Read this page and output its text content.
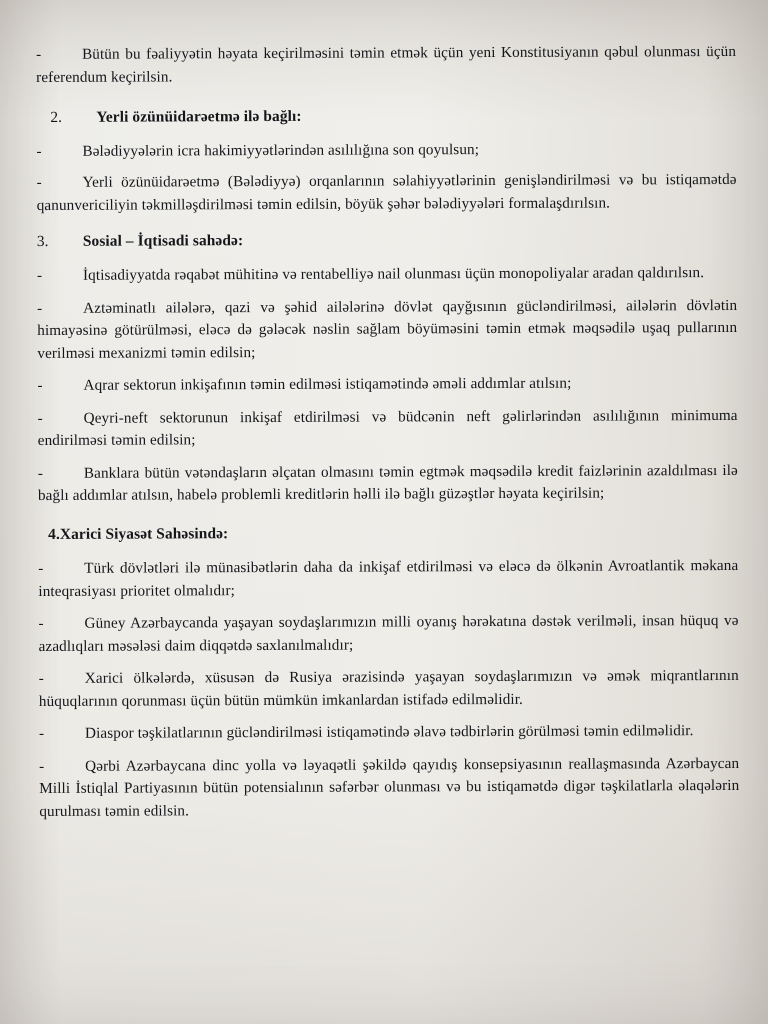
-	Bütün bu fəaliyyətin həyata keçirilməsini təmin etmək üçün yeni Konstitusiyanın qəbul olunması üçün referendum keçirilsin.

2. Yerli özünüidarəetmə ilə bağlı:

-	Bələdiyyələrin icra hakimiyyətlərindən asılılığına son qoyulsun;

-	Yerli özünüidarəetmə (Bələdiyyə) orqanlarının səlahiyyətlərinin genişləndirilməsi və bu istiqamətdə qanunvericiliyin təkmilləşdirilməsi təmin edilsin, böyük şəhər bələdiyyələri formalaşdırılsın.

3. Sosial – İqtisadi sahədə:

-	İqtisadiyyatda rəqabət mühitinə və rentabelliyə nail olunması üçün monopoliyalar aradan qaldırılsın.

-	Aztəminatlı ailələrə, qazi və şəhid ailələrinə dövlət qayğısının gücləndirilməsi, ailələrin dövlətin himayəsinə götürülməsi, eləcə də gələcək nəslin sağlam böyüməsini təmin etmək məqsədilə uşaq pullarının verilməsi mexanizmi təmin edilsin;

-	Aqrar sektorun inkişafının təmin edilməsi istiqamətində əməli addımlar atılsın;

-	Qeyri-neft sektorunun inkişaf etdirilməsi və büdcənin neft gəlirlərindən asılılığının minimuma endirilməsi təmin edilsin;

-	Banklara bütün vətəndaşların əlçatan olmasını təmin egtmək məqsədilə kredit faizlərinin azaldılması ilə bağlı addımlar atılsın, habelə problemli kreditlərin həlli ilə bağlı güzəştlər həyata keçirilsin;

4.Xarici Siyasət Sahəsində:

-	Türk dövlətləri ilə münasibətlərin daha da inkişaf etdirilməsi və eləcə də ölkənin Avroatlantik məkana inteqrasiyası prioritet olmalıdır;

-	Güney Azərbaycanda yaşayan soydaşlarımızın milli oyanış hərəkatına dəstək verilməli, insan hüquq və azadlıqları məsələsi daim diqqətdə saxlanılmalıdır;

-	Xarici ölkələrdə, xüsusən də Rusiya ərazisində yaşayan soydaşlarımızın və əmək miqrantlarının hüquqlarının qorunması üçün bütün mümkün imkanlardan istifadə edilməlidir.

-	Diaspor təşkilatlarının gücləndirilməsi istiqamətində əlavə tədbirlərin görülməsi təmin edilməlidir.

-	Qərbi Azərbaycana dinc yolla və ləyaqətli şəkildə qayıdış konsepsiyasının reallaşmasında Azərbaycan Milli İstiqlal Partiyasının bütün potensialının səfərbər olunması və bu istiqamətdə digər təşkilatlarla əlaqələrin qurulması təmin edilsin.
